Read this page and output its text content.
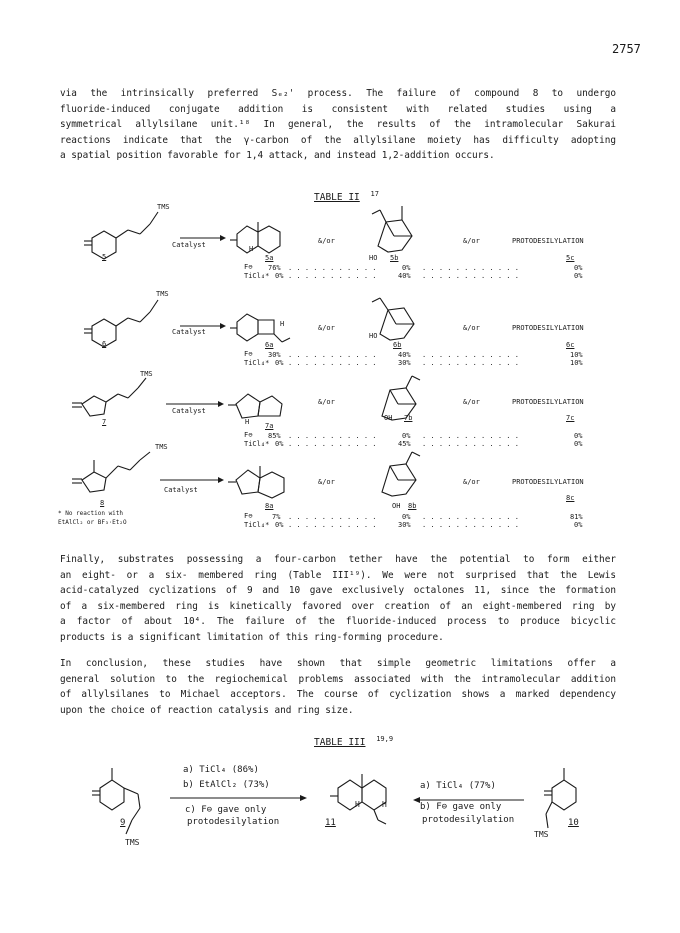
2757
via the intrinsically preferred Sₑ₂' process. The failure of compound 8 to undergo
fluoride-induced conjugate addition is consistent with related studies using a
symmetrical allylsilane unit.¹⁸ In general, the results of the intramolecular Sakurai
reactions indicate that the γ-carbon of the allylsilane moiety has difficulty adopting
a spatial position favorable for 1,4 attack, and instead 1,2-addition occurs.
TABLE II $^{17}$
TMS
Catalyst
5
H
5a
&/or
HO 5b
&/or	PROTODESILYLATION
5c
F⊖ 76% . . . . . . . . . . .	0% . . . . . . . . . . . .	0%
TiCl₄* 0% . . . . . . . . . . .	40% . . . . . . . . . . . .	0%
TMS
Catalyst
6
H
6a
&/or
HO
6b
&/or	PROTODESILYLATION
6c
F⊖ 30% . . . . . . . . . . .	40% . . . . . . . . . . . .	10%
TiCl₄* 0% . . . . . . . . . . .	30% . . . . . . . . . . . .	10%
TMS
Catalyst
7	H 7a
&/or
OH 7b
&/or	PROTODESILYLATION
7c
F⊖ 85% . . . . . . . . . . .	0% . . . . . . . . . . . .	0%
TiCl₄* 0% . . . . . . . . . . .	45% . . . . . . . . . . . .	0%
TMS
Catalyst
8	8a
&/or
OH 8b
&/or	PROTODESILYLATION
8c
F⊖	7% . . . . . . . . . . .	0% . . . . . . . . . . . .	81%
TiCl₄* 0% . . . . . . . . . . .	30% . . . . . . . . . . . .	0%
* No reaction with
EtAlCl₂ or BF₃·Et₂O
Finally, substrates possessing a four-carbon tether have the potential to form either
an eight- or a six- membered ring (Table III¹⁹). We were not surprised that the Lewis
acid-catalyzed cyclizations of 9 and 10 gave exclusively octalones 11, since the formation
of a six-membered ring is kinetically favored over creation of an eight-membered ring by
a factor of about 10⁴. The failure of the fluoride-induced process to produce bicyclic
products is a significant limitation of this ring-forming procedure.
In conclusion, these studies have shown that simple geometric limitations offer a
general solution to the regiochemical problems associated with the intramolecular addition
of allylsilanes to Michael acceptors. The course of cyclization shows a marked dependency
upon the choice of reaction catalysis and ring size.
TABLE III $^{19,9}$
a) TiCl₄ (86%)
b) EtAlCl₂ (73%)
c) F⊖ gave only
protodesilylation
a) TiCl₄ (77%)
b) F⊖ gave only
protodesilylation
9
TMS
11
H	H
10
TMS
